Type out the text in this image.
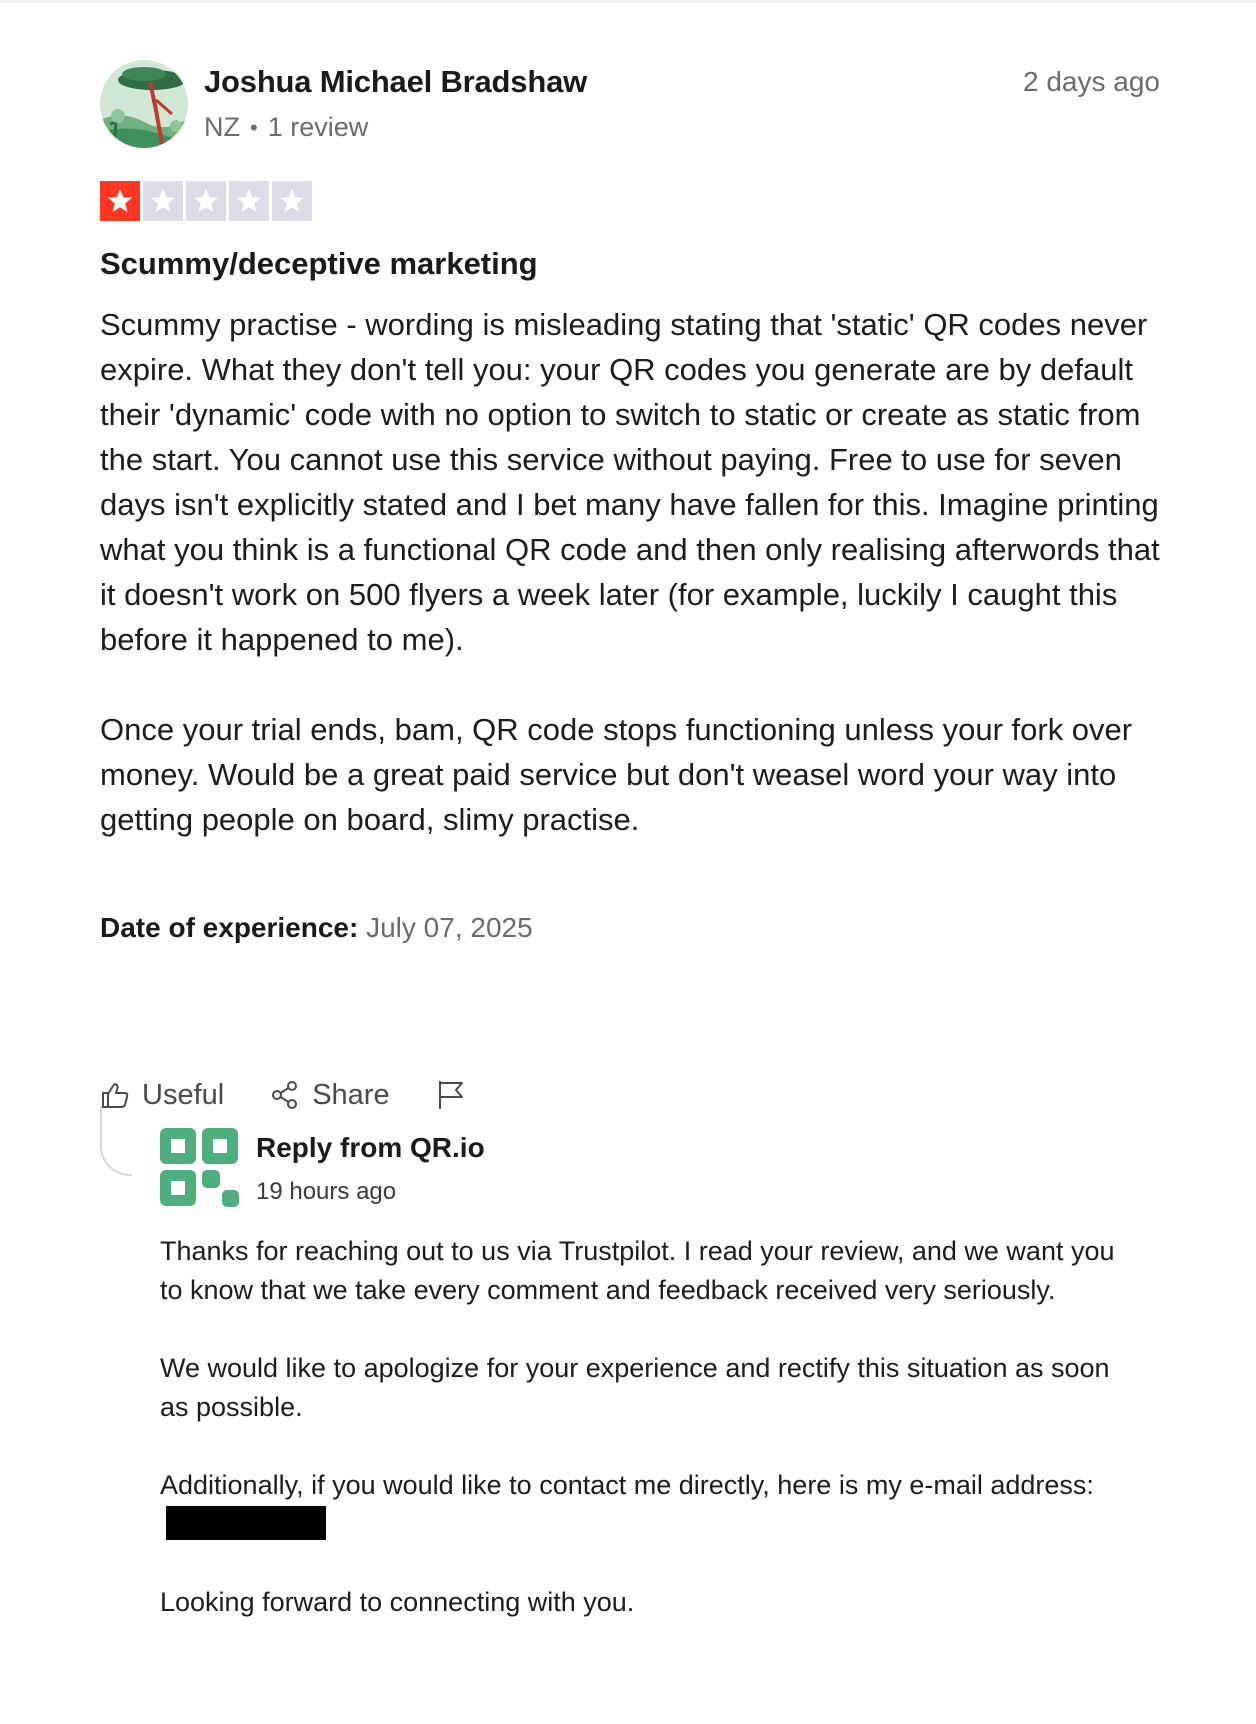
Joshua Michael Bradshaw
NZ • 1 review
2 days ago
Scummy/deceptive marketing

Scummy practise - wording is misleading stating that 'static' QR codes never expire. What they don't tell you: your QR codes you generate are by default their 'dynamic' code with no option to switch to static or create as static from the start. You cannot use this service without paying. Free to use for seven days isn't explicitly stated and I bet many have fallen for this. Imagine printing what you think is a functional QR code and then only realising afterwords that it doesn't work on 500 flyers a week later (for example, luckily I caught this before it happened to me).

Once your trial ends, bam, QR code stops functioning unless your fork over money. Would be a great paid service but don't weasel word your way into getting people on board, slimy practise.

Date of experience: July 07, 2025
Useful	Share
Reply from QR.io
19 hours ago

Thanks for reaching out to us via Trustpilot. I read your review, and we want you to know that we take every comment and feedback received very seriously.

We would like to apologize for your experience and rectify this situation as soon as possible.

Additionally, if you would like to contact me directly, here is my e-mail address:

Looking forward to connecting with you.
